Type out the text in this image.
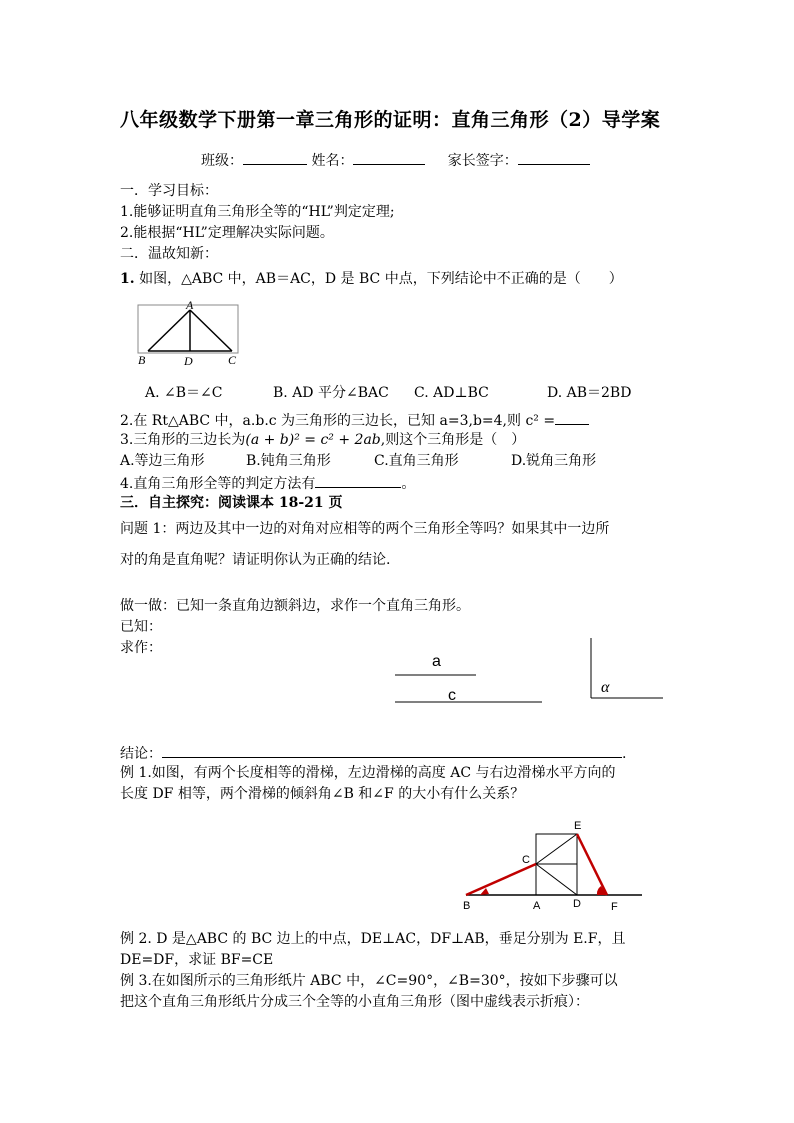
八年级数学下册第一章三角形的证明：直角三角形（2）导学案
班级：	姓名：	家长签字：
一．学习目标：
1.能够证明直角三角形全等的“HL”判定定理;
2.能根据“HL”定理解决实际问题。
二．温故知新：
1. 如图，△ABC 中，AB＝AC，D 是 BC 中点，下列结论中不正确的是（　　）
A
B	D	C
A. ∠B＝∠C	B. AD 平分∠BAC C. AD⊥BC	D. AB＝2BD
2.在 Rt△ABC 中，a.b.c 为三角形的三边长，已知 a=3,b=4,则 c² =
3.三角形的三边长为(a + b)² = c² + 2ab,则这个三角形是（　）
A.等边三角形	B.钝角三角形	C.直角三角形	D.锐角三角形
4.直角三角形全等的判定方法有	。
三．自主探究：阅读课本 18-21 页
问题 1：两边及其中一边的对角对应相等的两个三角形全等吗？如果其中一边所
对的角是直角呢？请证明你认为正确的结论.
做一做：已知一条直角边额斜边，求作一个直角三角形。
已知：
求作：
a
c	α
结论：	.
例 1.如图，有两个长度相等的滑梯，左边滑梯的高度 AC 与右边滑梯水平方向的
长度 DF 相等，两个滑梯的倾斜角∠B 和∠F 的大小有什么关系？
E
C
B	A	D	F
例 2. D 是△ABC 的 BC 边上的中点，DE⊥AC，DF⊥AB，垂足分别为 E.F，且
DE=DF，求证 BF=CE
例 3.在如图所示的三角形纸片 ABC 中，∠C=90°，∠B=30°，按如下步骤可以
把这个直角三角形纸片分成三个全等的小直角三角形（图中虚线表示折痕）：
